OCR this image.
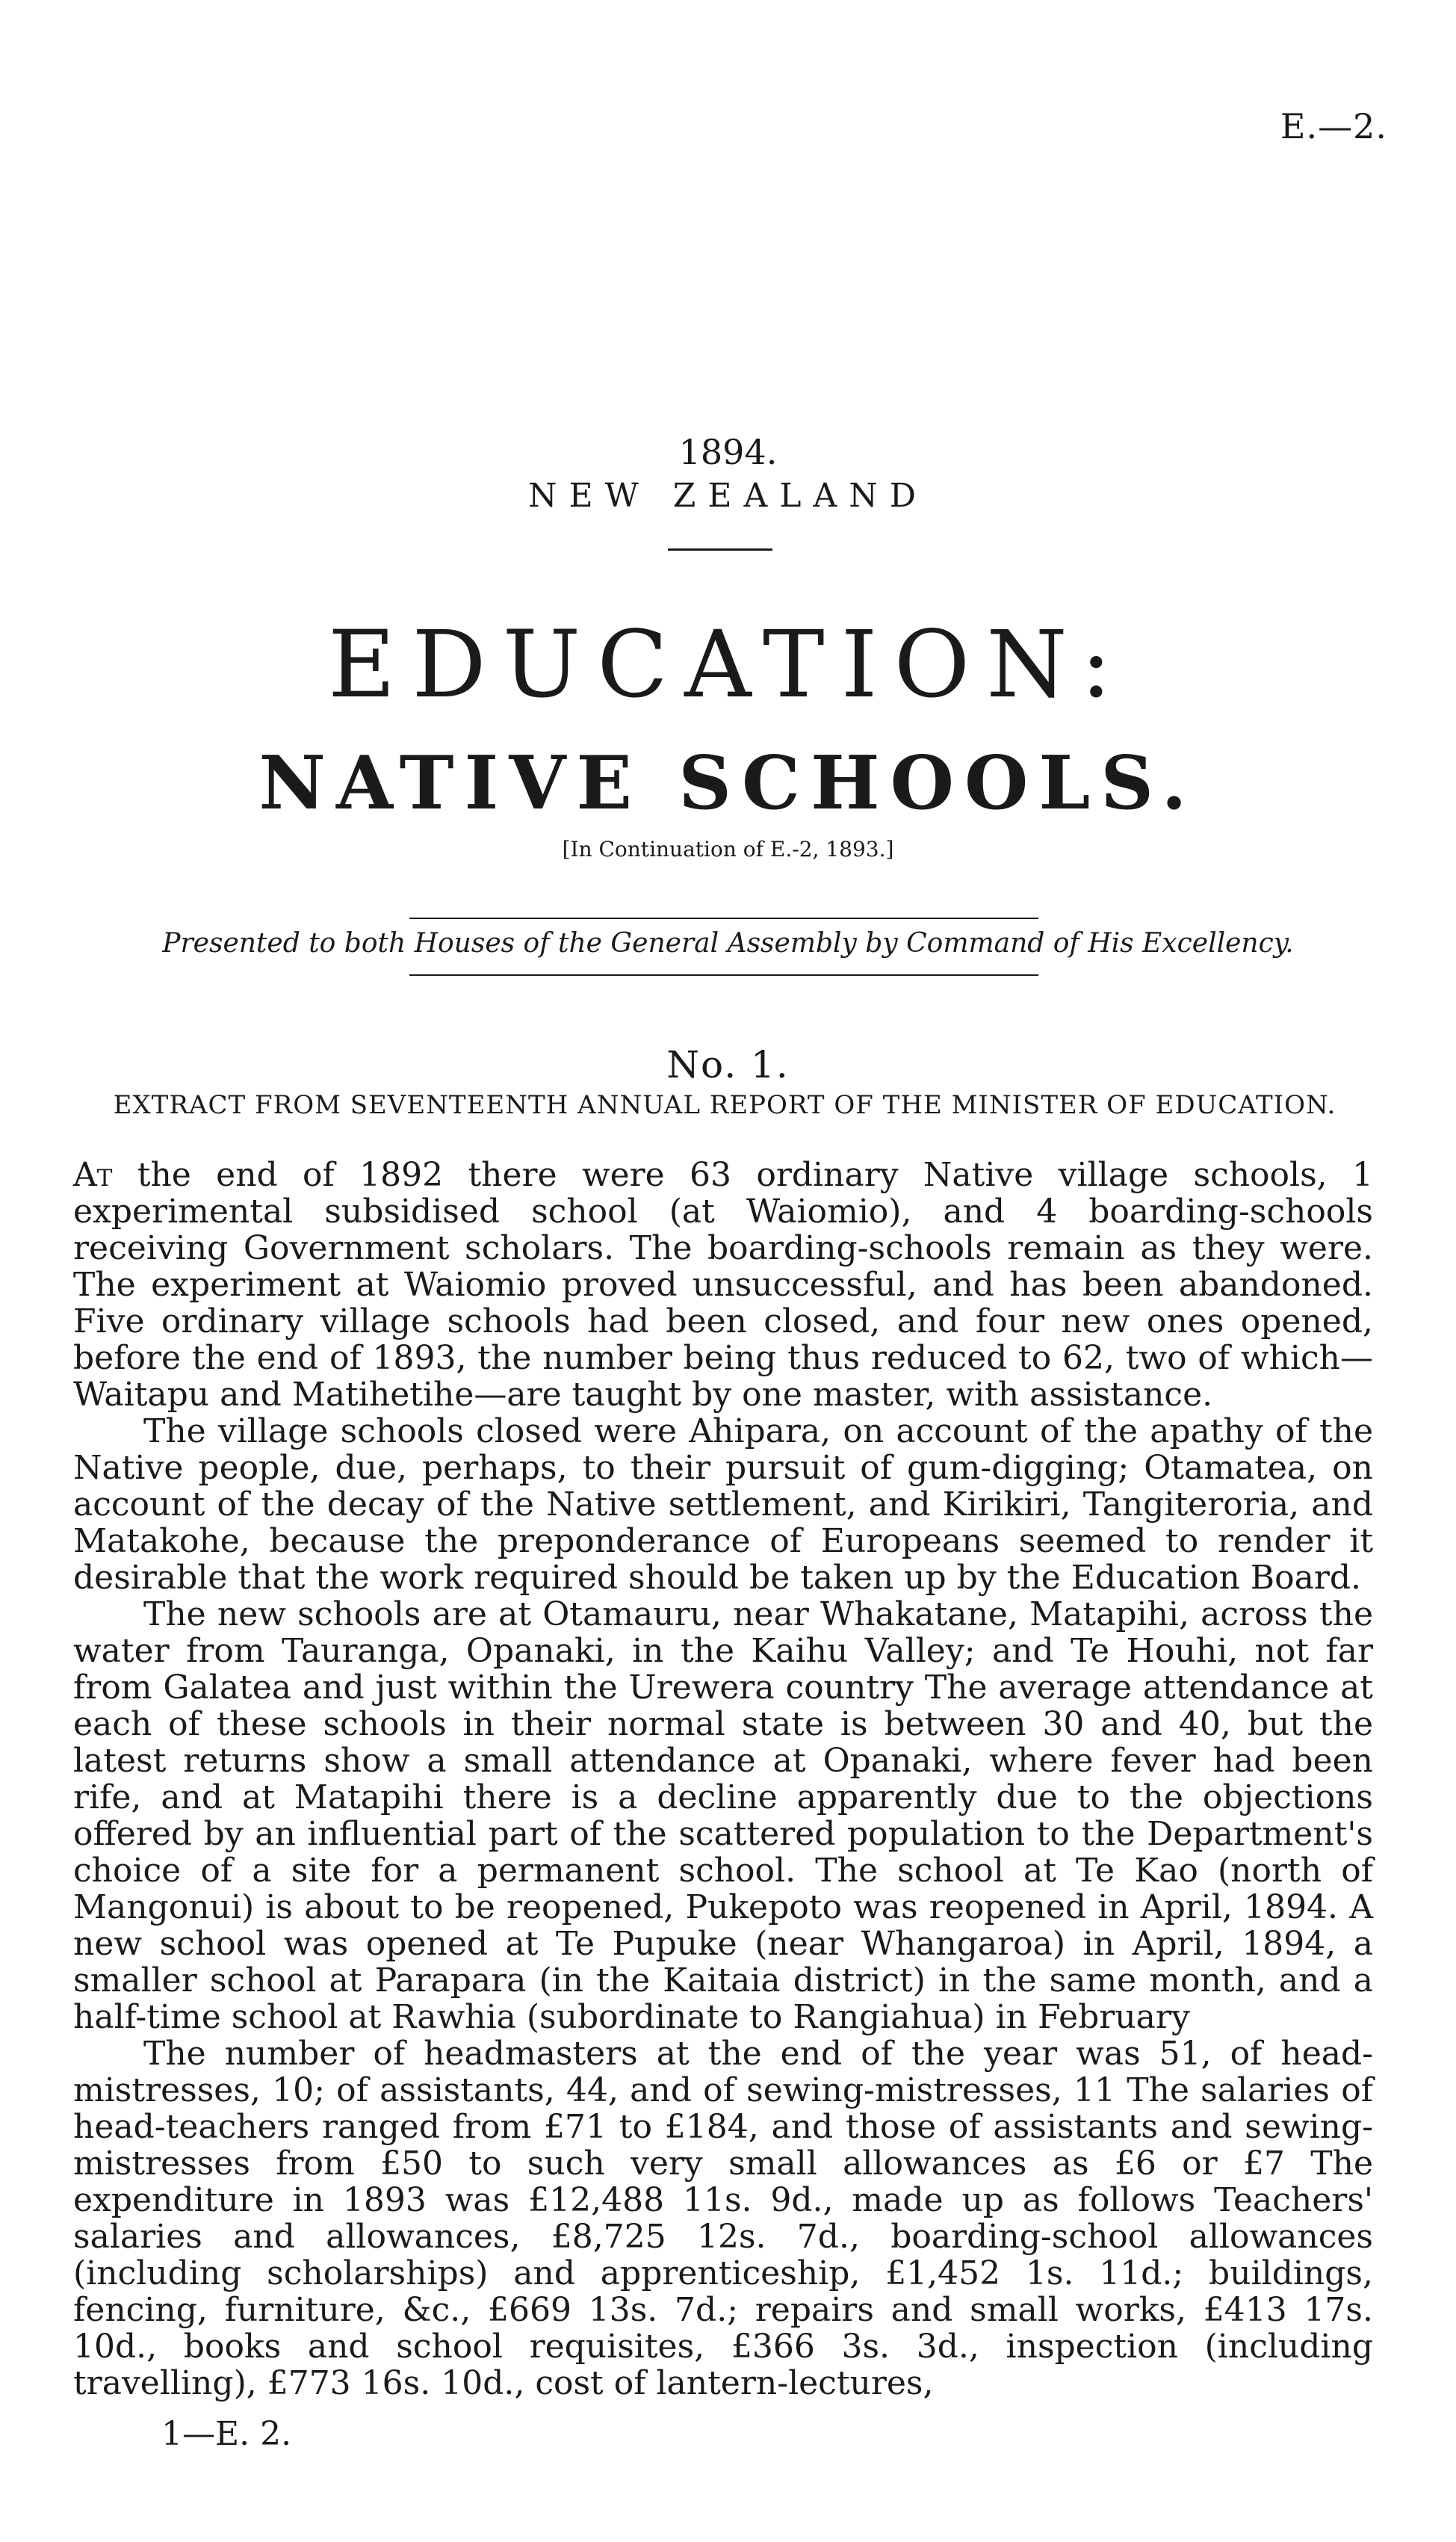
E.—2.
1894.
NEW ZEALAND
EDUCATION:
NATIVE SCHOOLS.
[In Continuation of E.-2, 1893.]
Presented to both Houses of the General Assembly by Command of His Excellency.
No. 1.
EXTRACT FROM SEVENTEENTH ANNUAL REPORT OF THE MINISTER OF EDUCATION.

At the end of 1892 there were 63 ordinary Native village schools, 1 experimental subsidised school (at Waiomio), and 4 boarding-schools receiving Government scholars. The boarding-schools remain as they were. The experiment at Waiomio proved unsuccessful, and has been abandoned. Five ordinary village schools had been closed, and four new ones opened, before the end of 1893, the number being thus reduced to 62, two of which—Waitapu and Matihetihe—are taught by one master, with assistance.

The village schools closed were Ahipara, on account of the apathy of the Native people, due, perhaps, to their pursuit of gum-digging; Otamatea, on account of the decay of the Native settlement, and Kirikiri, Tangiteroria, and Matakohe, because the preponderance of Europeans seemed to render it desirable that the work required should be taken up by the Education Board.

The new schools are at Otamauru, near Whakatane, Matapihi, across the water from Tauranga, Opanaki, in the Kaihu Valley; and Te Houhi, not far from Galatea and just within the Urewera country The average attendance at each of these schools in their normal state is between 30 and 40, but the latest returns show a small attendance at Opanaki, where fever had been rife, and at Matapihi there is a decline apparently due to the objections offered by an influential part of the scattered population to the Department's choice of a site for a permanent school. The school at Te Kao (north of Mangonui) is about to be reopened, Pukepoto was reopened in April, 1894. A new school was opened at Te Pupuke (near Whangaroa) in April, 1894, a smaller school at Parapara (in the Kaitaia district) in the same month, and a half-time school at Rawhia (subordinate to Rangiahua) in February

The number of headmasters at the end of the year was 51, of head-mistresses, 10; of assistants, 44, and of sewing-mistresses, 11 The salaries of head-teachers ranged from £71 to £184, and those of assistants and sewing-mistresses from £50 to such very small allowances as £6 or £7 The expenditure in 1893 was £12,488 11s. 9d., made up as follows Teachers' salaries and allowances, £8,725 12s. 7d., boarding-school allowances (including scholarships) and apprenticeship, £1,452 1s. 11d.; buildings, fencing, furniture, &c., £669 13s. 7d.; repairs and small works, £413 17s. 10d., books and school requisites, £366 3s. 3d., inspection (including travelling), £773 16s. 10d., cost of lantern-lectures,

1—E. 2.
